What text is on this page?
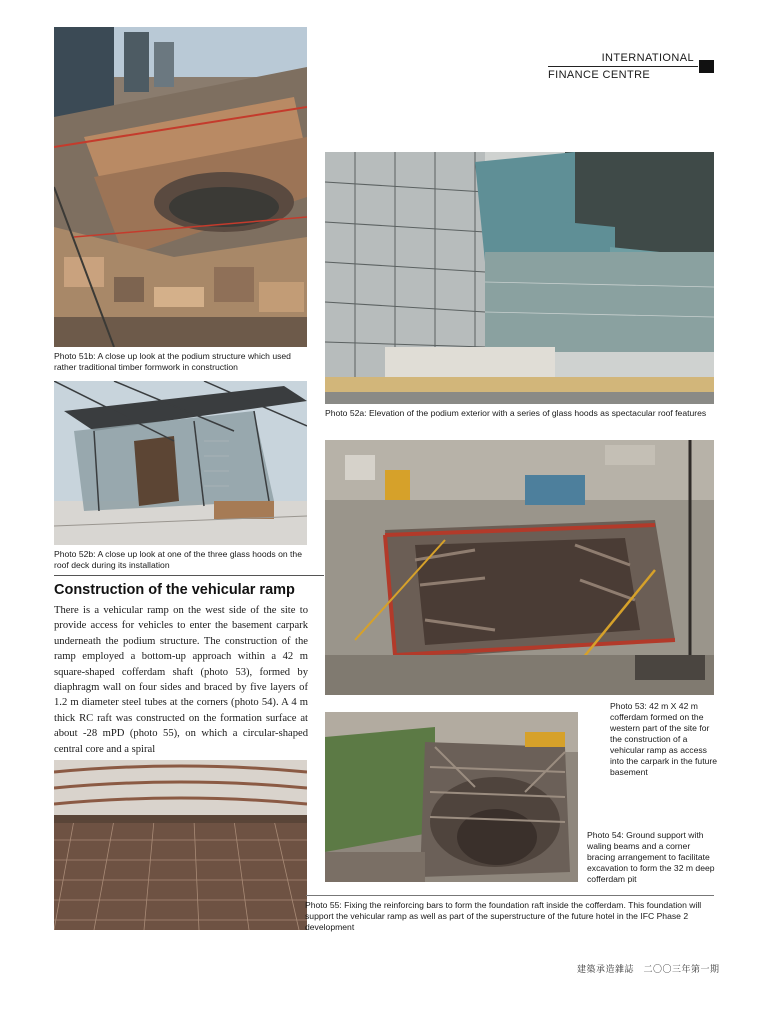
INTERNATIONAL
FINANCE CENTRE
Photo 51b: A close up look at the podium structure which used rather traditional timber formwork in construction
Photo 52a: Elevation of the podium exterior with a series of glass hoods as spectacular roof features
Photo 52b: A close up look at one of the three glass hoods on the roof deck during its installation
Construction of the vehicular ramp
There is a vehicular ramp on the west side of the site to provide access for vehicles to enter the basement carpark underneath the podium structure. The construction of the ramp employed a bottom-up approach within a 42 m square-shaped cofferdam shaft (photo 53), formed by diaphragm wall on four sides and braced by five layers of 1.2 m diameter steel tubes at the corners (photo 54). A 4 m thick RC raft was constructed on the formation surface at about -28 mPD (photo 55), on which a circular-shaped central core and a spiral
Photo 53: 42 m X 42 m cofferdam formed on the western part of the site for the construction of a vehicular ramp as access into the carpark in the future basement
Photo 54: Ground support with waling beams and a corner bracing arrangement to facilitate excavation to form the 32 m deep cofferdam pit
Photo 55: Fixing the reinforcing bars to form the foundation raft inside the cofferdam. This foundation will support the vehicular ramp as well as part of the superstructure of the future hotel in the IFC Phase 2 development
建築承造雜誌　二〇〇三年第一期
